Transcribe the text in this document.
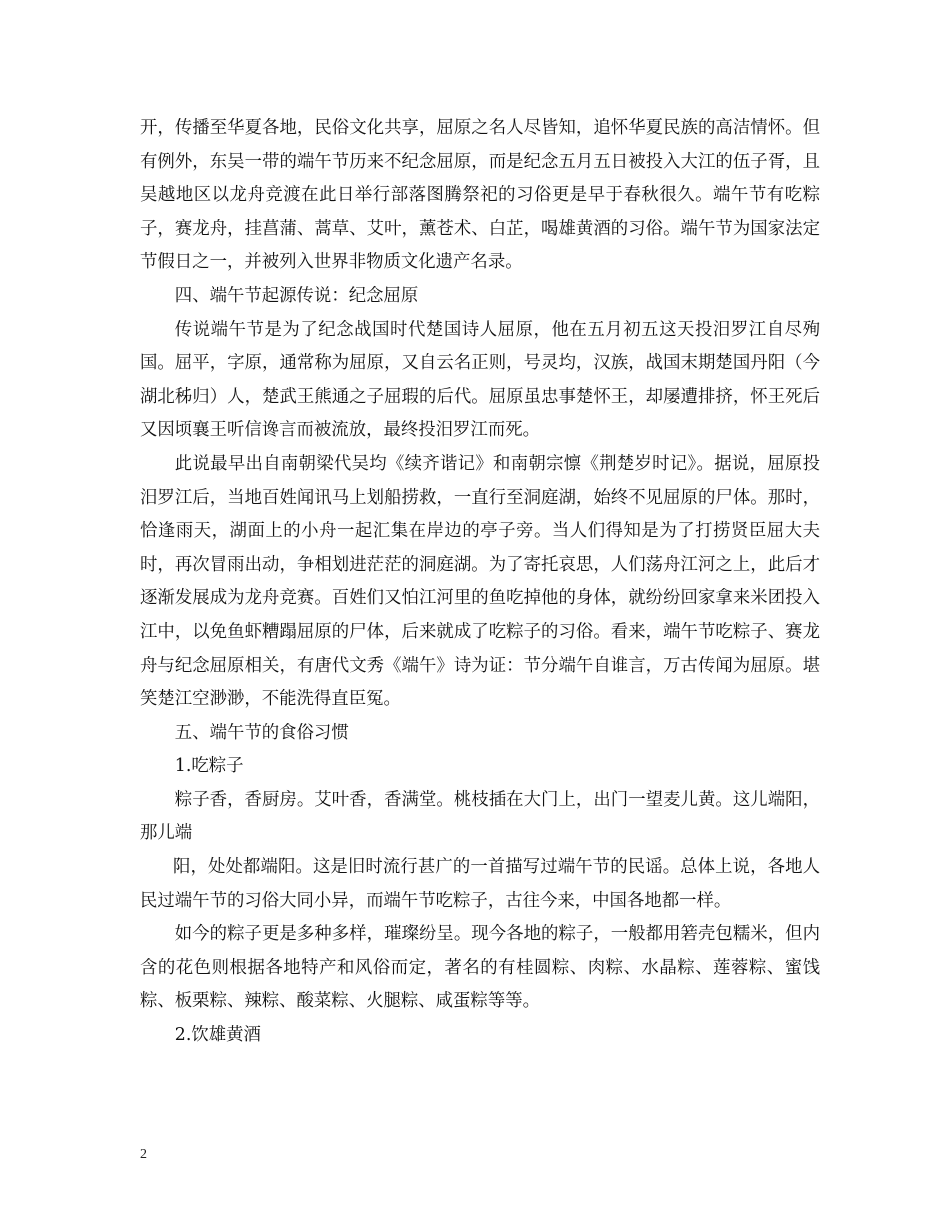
开，传播至华夏各地，民俗文化共享，屈原之名人尽皆知，追怀华夏民族的高洁情怀。但有例外，东吴一带的端午节历来不纪念屈原，而是纪念五月五日被投入大江的伍子胥，且吴越地区以龙舟竞渡在此日举行部落图腾祭祀的习俗更是早于春秋很久。端午节有吃粽子，赛龙舟，挂菖蒲、蒿草、艾叶，薰苍术、白芷，喝雄黄酒的习俗。端午节为国家法定节假日之一，并被列入世界非物质文化遗产名录。

四、端午节起源传说：纪念屈原

传说端午节是为了纪念战国时代楚国诗人屈原，他在五月初五这天投汨罗江自尽殉国。屈平，字原，通常称为屈原，又自云名正则，号灵均，汉族，战国末期楚国丹阳（今湖北秭归）人，楚武王熊通之子屈瑕的后代。屈原虽忠事楚怀王，却屡遭排挤，怀王死后又因顷襄王听信谗言而被流放，最终投汨罗江而死。

此说最早出自南朝梁代吴均《续齐谐记》和南朝宗懔《荆楚岁时记》。据说，屈原投汨罗江后，当地百姓闻讯马上划船捞救，一直行至洞庭湖，始终不见屈原的尸体。那时，恰逢雨天，湖面上的小舟一起汇集在岸边的亭子旁。当人们得知是为了打捞贤臣屈大夫时，再次冒雨出动，争相划进茫茫的洞庭湖。为了寄托哀思，人们荡舟江河之上，此后才逐渐发展成为龙舟竞赛。百姓们又怕江河里的鱼吃掉他的身体，就纷纷回家拿来米团投入江中，以免鱼虾糟蹋屈原的尸体，后来就成了吃粽子的习俗。看来，端午节吃粽子、赛龙舟与纪念屈原相关，有唐代文秀《端午》诗为证：节分端午自谁言，万古传闻为屈原。堪笑楚江空渺渺，不能洗得直臣冤。

五、端午节的食俗习惯

1.吃粽子

粽子香，香厨房。艾叶香，香满堂。桃枝插在大门上，出门一望麦儿黄。这儿端阳，那儿端

阳，处处都端阳。这是旧时流行甚广的一首描写过端午节的民谣。总体上说，各地人民过端午节的习俗大同小异，而端午节吃粽子，古往今来，中国各地都一样。

如今的粽子更是多种多样，璀璨纷呈。现今各地的粽子，一般都用箬壳包糯米，但内含的花色则根据各地特产和风俗而定，著名的有桂圆粽、肉粽、水晶粽、莲蓉粽、蜜饯粽、板栗粽、辣粽、酸菜粽、火腿粽、咸蛋粽等等。

2.饮雄黄酒

2
